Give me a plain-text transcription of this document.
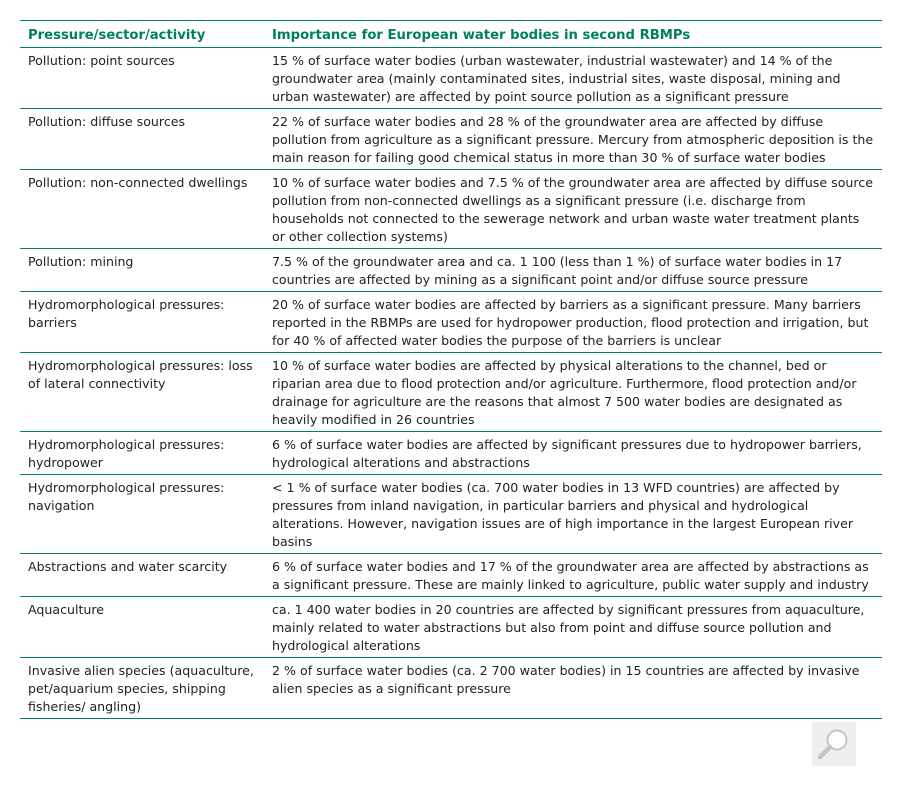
Pressure/sector/activity	Importance for European water bodies in second RBMPs
Pollution: point sources	15 % of surface water bodies (urban wastewater, industrial wastewater) and 14 % of the groundwater area (mainly contaminated sites, industrial sites, waste disposal, mining and urban wastewater) are affected by point source pollution as a significant pressure
Pollution: diffuse sources	22 % of surface water bodies and 28 % of the groundwater area are affected by diffuse pollution from agriculture as a significant pressure. Mercury from atmospheric deposition is the main reason for failing good chemical status in more than 30 % of surface water bodies
Pollution: non-connected dwellings	10 % of surface water bodies and 7.5 % of the groundwater area are affected by diffuse source pollution from non-connected dwellings as a significant pressure (i.e. discharge from households not connected to the sewerage network and urban waste water treatment plants or other collection systems)
Pollution: mining	7.5 % of the groundwater area and ca. 1 100 (less than 1 %) of surface water bodies in 17 countries are affected by mining as a significant point and/or diffuse source pressure
Hydromorphological pressures: barriers	20 % of surface water bodies are affected by barriers as a significant pressure. Many barriers reported in the RBMPs are used for hydropower production, flood protection and irrigation, but for 40 % of affected water bodies the purpose of the barriers is unclear
Hydromorphological pressures: loss of lateral connectivity	10 % of surface water bodies are affected by physical alterations to the channel, bed or riparian area due to flood protection and/or agriculture. Furthermore, flood protection and/or drainage for agriculture are the reasons that almost 7 500 water bodies are designated as heavily modified in 26 countries
Hydromorphological pressures: hydropower	6 % of surface water bodies are affected by significant pressures due to hydropower barriers, hydrological alterations and abstractions
Hydromorphological pressures: navigation	< 1 % of surface water bodies (ca. 700 water bodies in 13 WFD countries) are affected by pressures from inland navigation, in particular barriers and physical and hydrological alterations. However, navigation issues are of high importance in the largest European river basins
Abstractions and water scarcity	6 % of surface water bodies and 17 % of the groundwater area are affected by abstractions as a significant pressure. These are mainly linked to agriculture, public water supply and industry
Aquaculture	ca. 1 400 water bodies in 20 countries are affected by significant pressures from aquaculture, mainly related to water abstractions but also from point and diffuse source pollution and hydrological alterations
Invasive alien species (aquaculture, pet/aquarium species, shipping fisheries/ angling)	2 % of surface water bodies (ca. 2 700 water bodies) in 15 countries are affected by invasive alien species as a significant pressure
